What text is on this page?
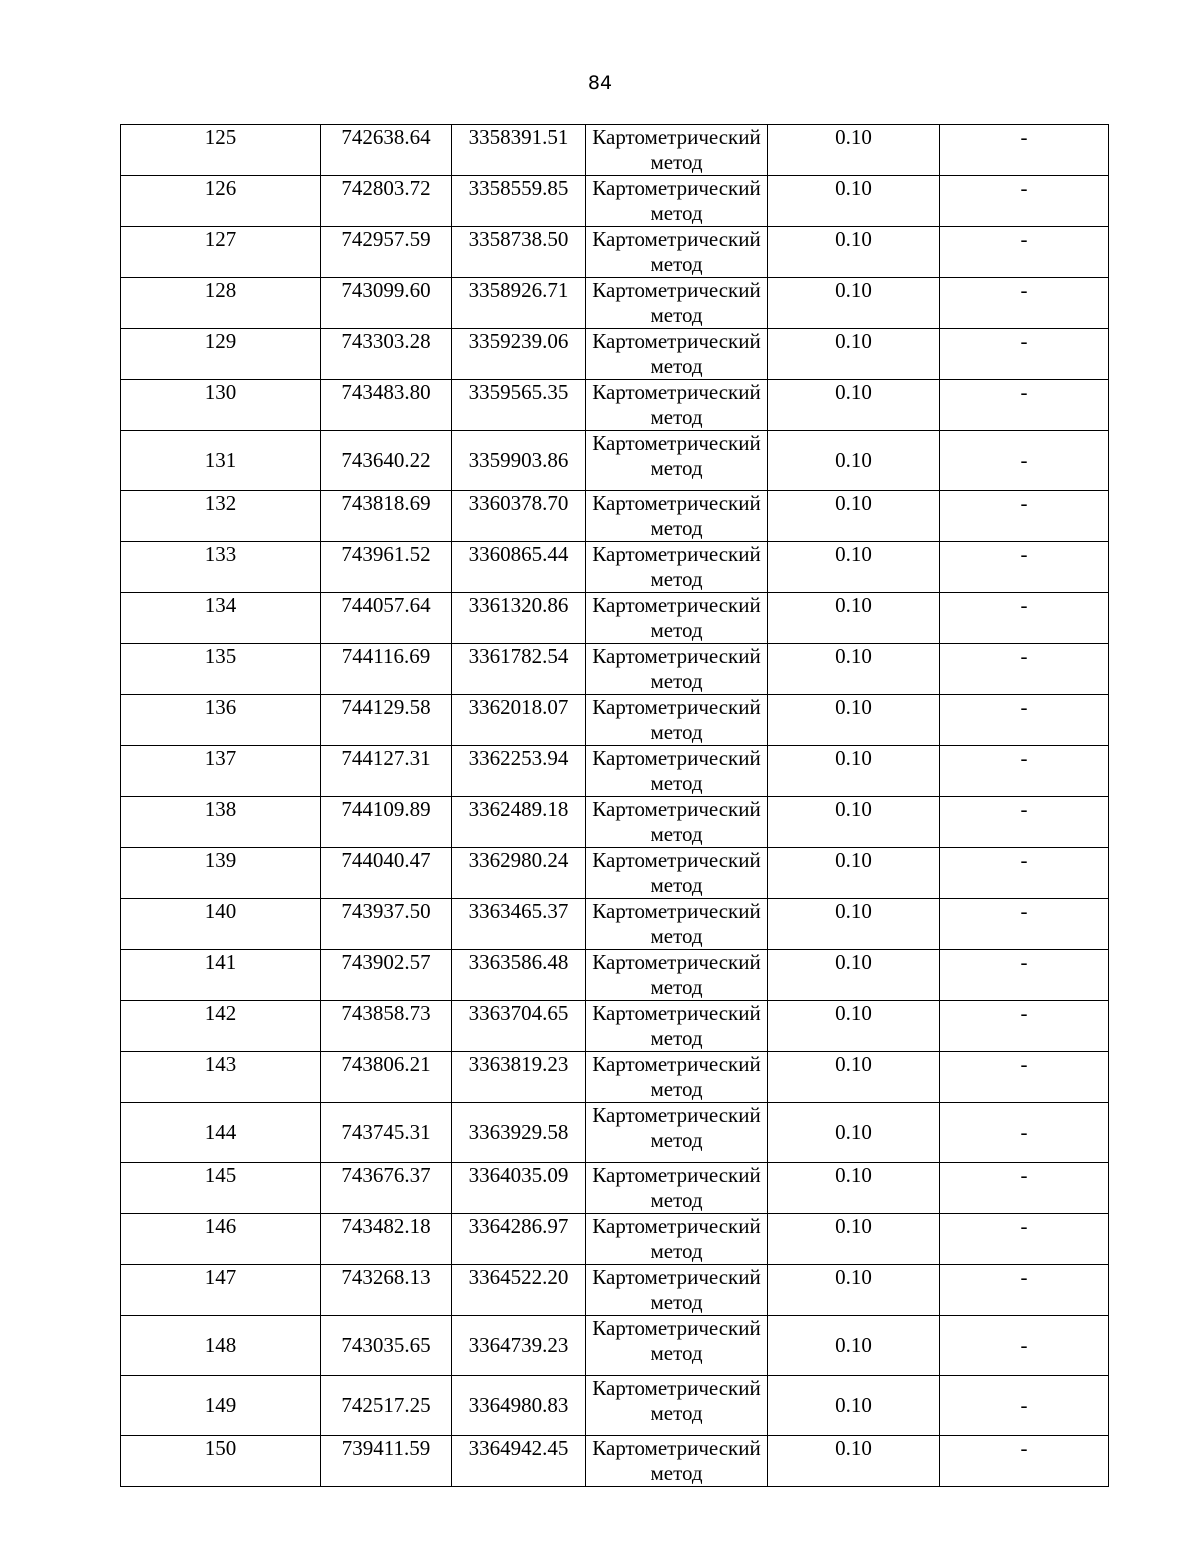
84
125	742638.64	3358391.51	Картометрический метод	0.10	-
126	742803.72	3358559.85	Картометрический метод	0.10	-
127	742957.59	3358738.50	Картометрический метод	0.10	-
128	743099.60	3358926.71	Картометрический метод	0.10	-
129	743303.28	3359239.06	Картометрический метод	0.10	-
130	743483.80	3359565.35	Картометрический метод	0.10	-
131	743640.22	3359903.86	Картометрический метод	0.10	-
132	743818.69	3360378.70	Картометрический метод	0.10	-
133	743961.52	3360865.44	Картометрический метод	0.10	-
134	744057.64	3361320.86	Картометрический метод	0.10	-
135	744116.69	3361782.54	Картометрический метод	0.10	-
136	744129.58	3362018.07	Картометрический метод	0.10	-
137	744127.31	3362253.94	Картометрический метод	0.10	-
138	744109.89	3362489.18	Картометрический метод	0.10	-
139	744040.47	3362980.24	Картометрический метод	0.10	-
140	743937.50	3363465.37	Картометрический метод	0.10	-
141	743902.57	3363586.48	Картометрический метод	0.10	-
142	743858.73	3363704.65	Картометрический метод	0.10	-
143	743806.21	3363819.23	Картометрический метод	0.10	-
144	743745.31	3363929.58	Картометрический метод	0.10	-
145	743676.37	3364035.09	Картометрический метод	0.10	-
146	743482.18	3364286.97	Картометрический метод	0.10	-
147	743268.13	3364522.20	Картометрический метод	0.10	-
148	743035.65	3364739.23	Картометрический метод	0.10	-
149	742517.25	3364980.83	Картометрический метод	0.10	-
150	739411.59	3364942.45	Картометрический метод	0.10	-
